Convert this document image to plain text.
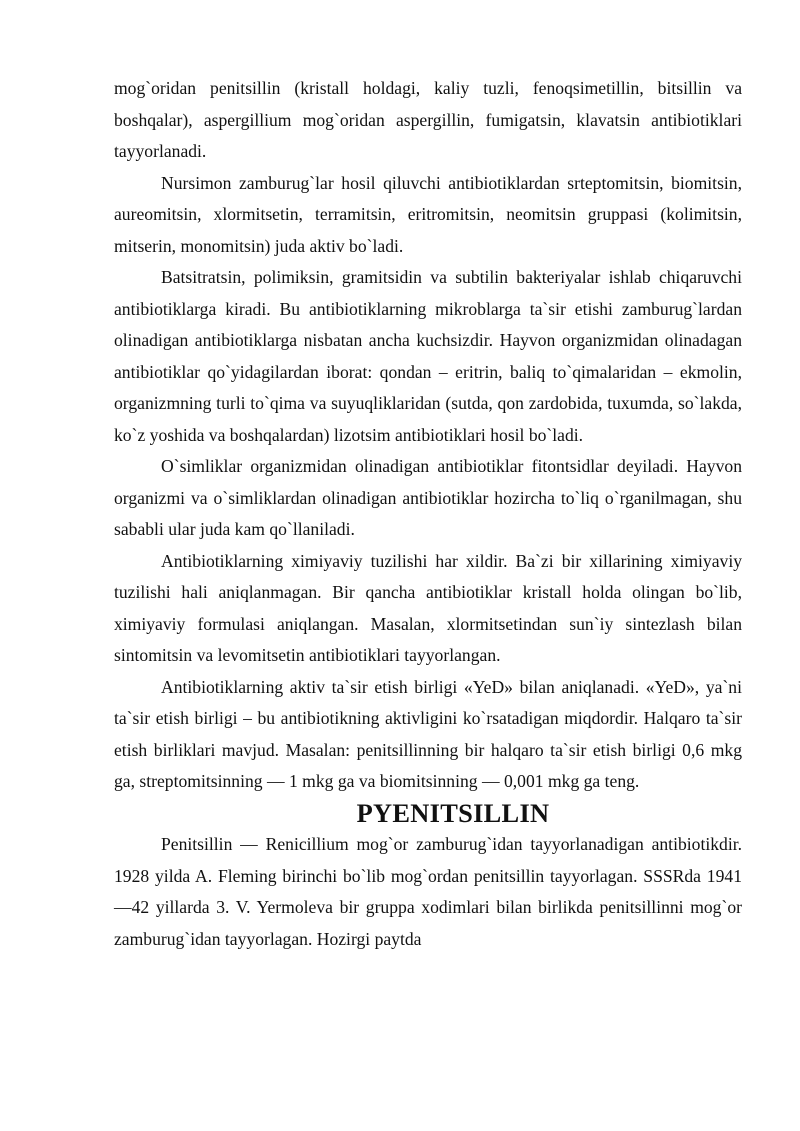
mog`oridan penitsillin (kristall holdagi, kaliy tuzli, fenoqsimetillin, bitsillin va boshqalar), aspergillium mog`oridan aspergillin, fumigatsin, klavatsin antibiotiklari tayyorlanadi.

Nursimon zamburug`lar hosil qiluvchi antibiotiklardan srteptomitsin, biomitsin, aureomitsin, xlormitsetin, terramitsin, eritromitsin, neomitsin gruppasi (kolimitsin, mitserin, monomitsin) juda aktiv bo`ladi.

Batsitratsin, polimiksin, gramitsidin va subtilin bakteriyalar ishlab chiqaruvchi antibiotiklarga kiradi. Bu antibiotiklarning mikroblarga ta`sir etishi zamburug`lardan olinadigan antibiotiklarga nisbatan ancha kuchsizdir. Hayvon organizmidan olinadagan antibiotiklar qo`yidagilardan iborat: qondan – eritrin, baliq to`qimalaridan – ekmolin, organizmning turli to`qima va suyuqliklaridan (sutda, qon zardobida, tuxumda, so`lakda, ko`z yoshida va boshqalardan) lizotsim antibiotiklari hosil bo`ladi.

O`simliklar organizmidan olinadigan antibiotiklar fitontsidlar deyiladi. Hayvon organizmi va o`simliklardan olinadigan antibiotiklar hozircha to`liq o`rganilmagan, shu sababli ular juda kam qo`llaniladi.

Antibiotiklarning ximiyaviy tuzilishi har xildir. Ba`zi bir xillarining ximiyaviy tuzilishi hali aniqlanmagan. Bir qancha antibiotiklar kristall holda olingan bo`lib, ximiyaviy formulasi aniqlangan. Masalan, xlormitsetindan sun`iy sintezlash bilan sintomitsin va levomitsetin antibiotiklari tayyorlangan.

Antibiotiklarning aktiv ta`sir etish birligi «YeD» bilan aniqlanadi. «YeD», ya`ni ta`sir etish birligi – bu antibiotikning aktivligini ko`rsatadigan miqdordir. Halqaro ta`sir etish birliklari mavjud. Masalan: penitsillinning bir halqaro ta`sir etish birligi 0,6 mkg ga, streptomitsinning — 1 mkg ga va biomitsinning — 0,001 mkg ga teng.

PYENITSILLIN

Penitsillin — Renicillium mog`or zamburug`idan tayyorlanadigan antibiotikdir. 1928 yilda A. Fleming birinchi bo`lib mog`ordan penitsillin tayyorlagan. SSSRda 1941—42 yillarda 3. V. Yermoleva bir gruppa xodimlari bilan birlikda penitsillinni mog`or zamburug`idan tayyorlagan. Hozirgi paytda
